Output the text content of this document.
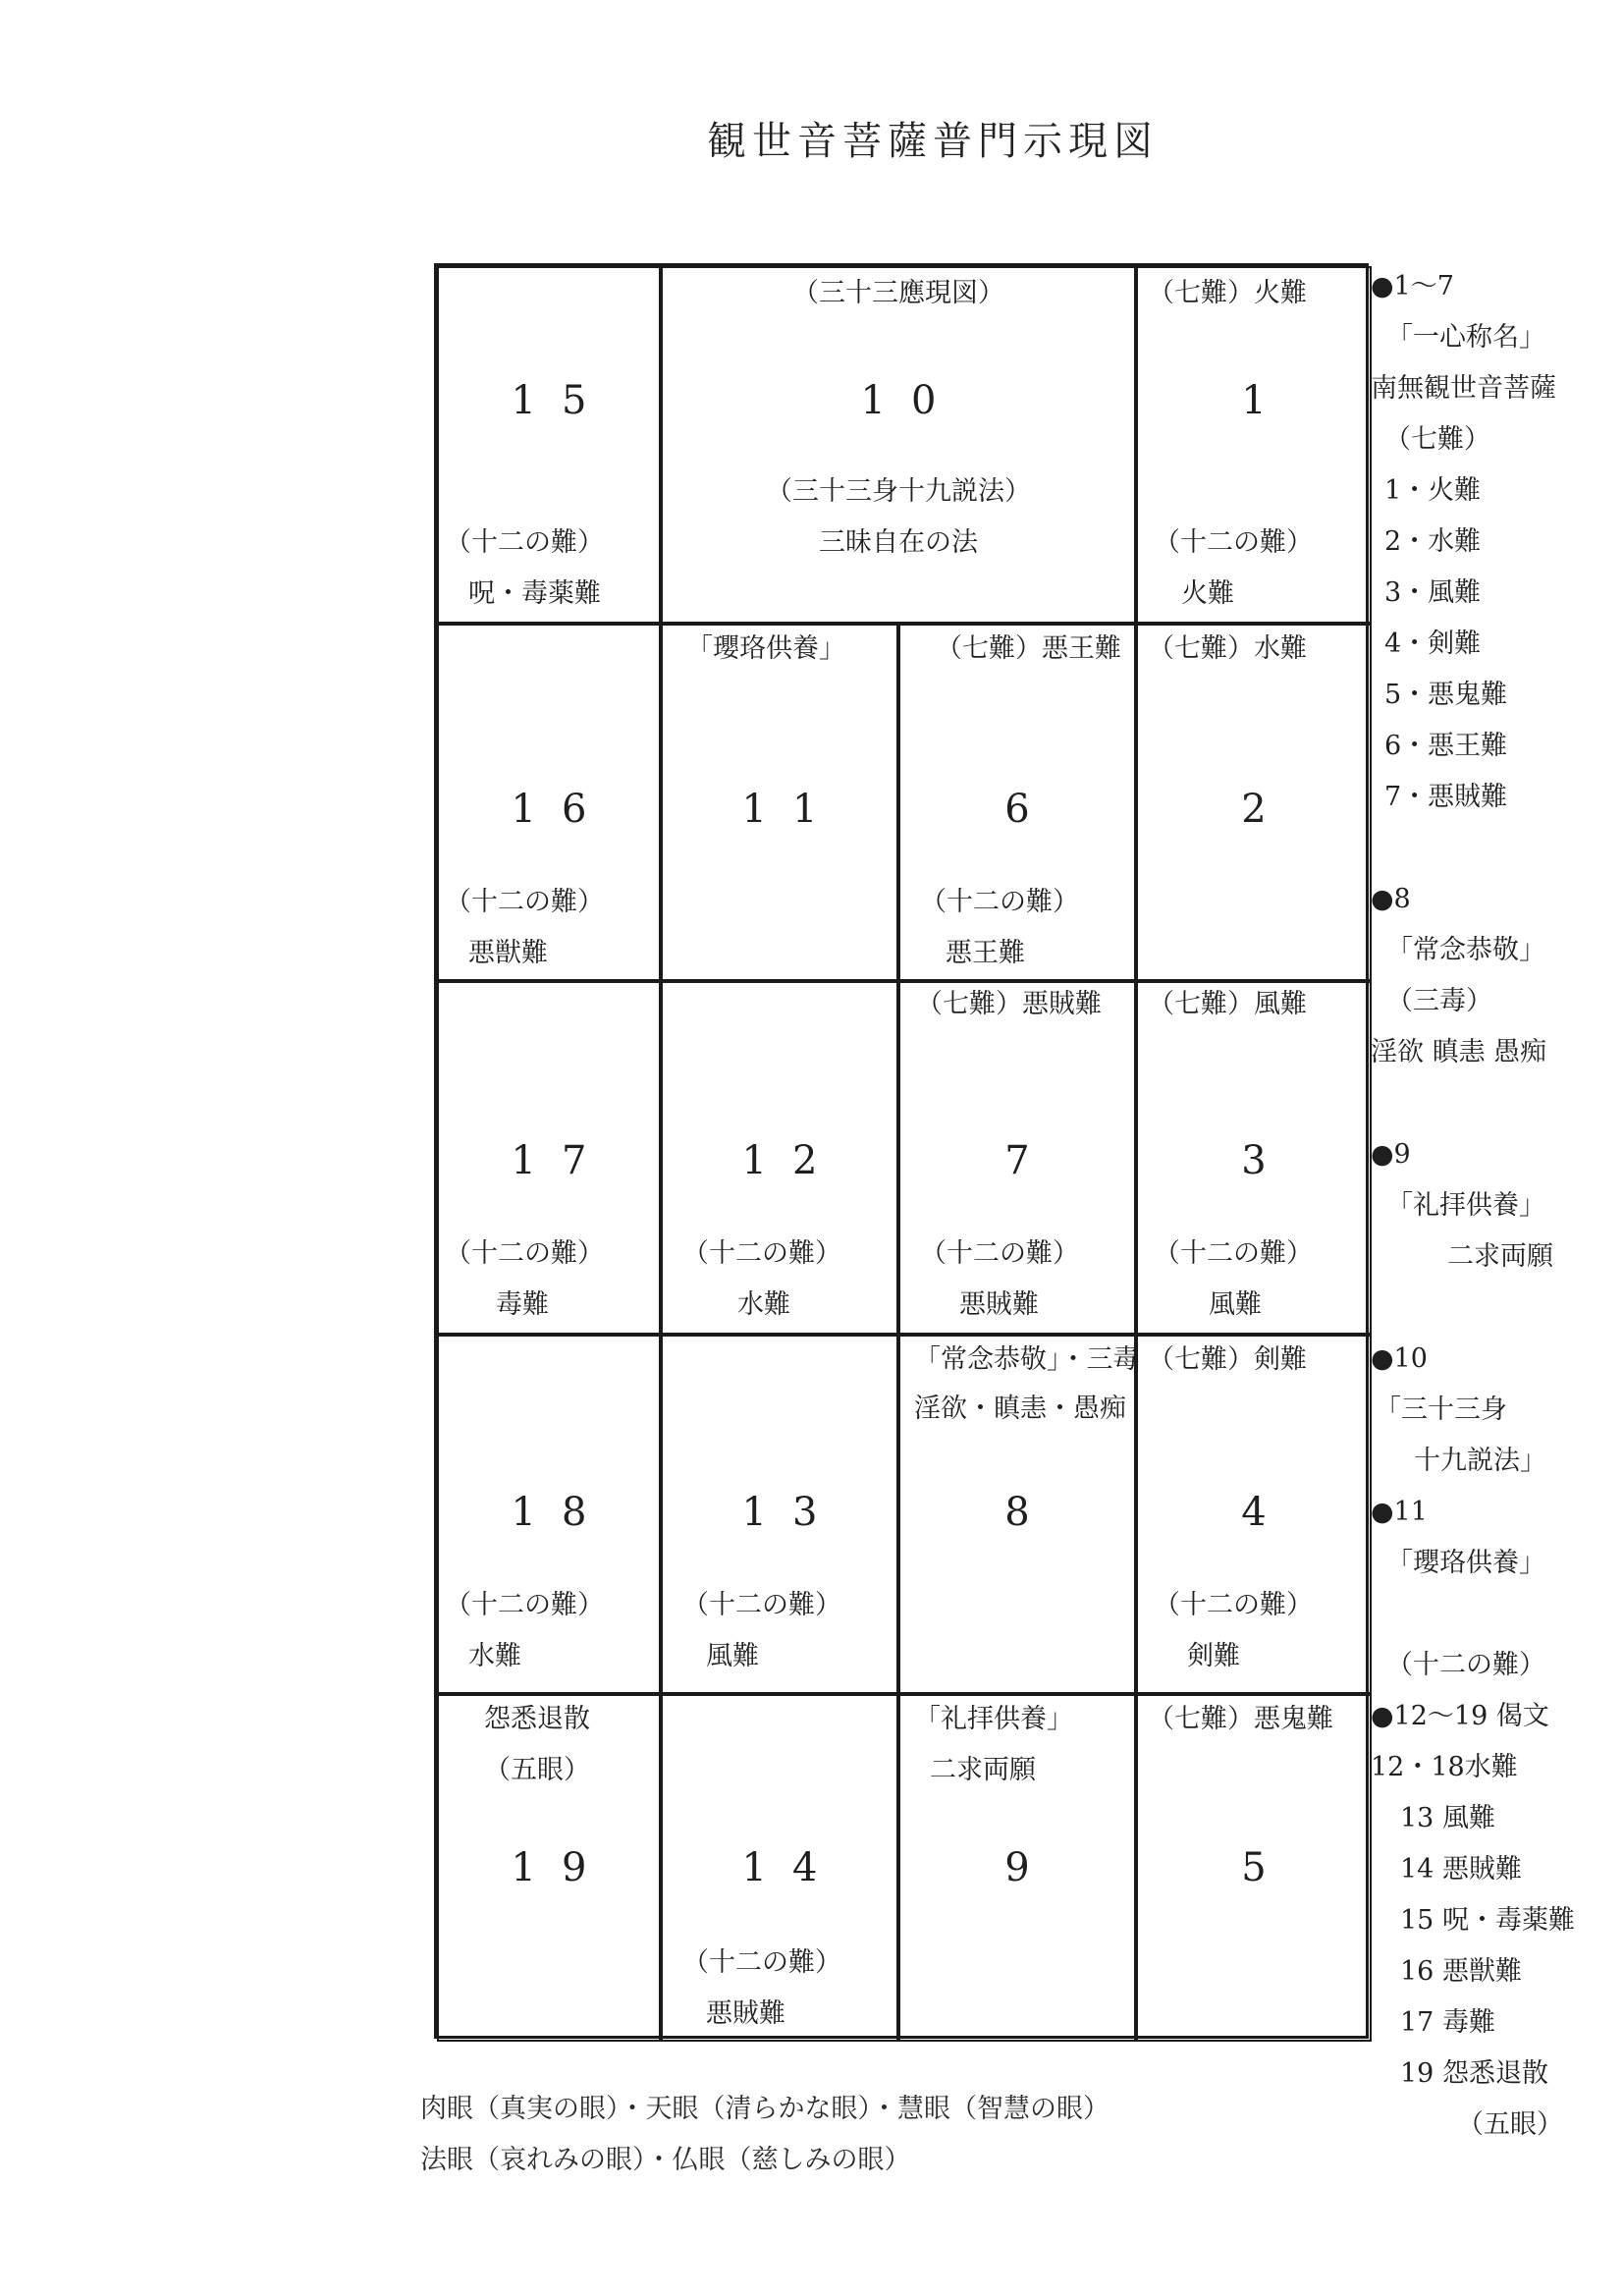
観世音菩薩普門示現図
15
（十二の難）
呪・毒薬難
（三十三應現図）
10
（三十三身十九説法）
三昧自在の法
（七難）火難
1
（十二の難）
火難
16
（十二の難）
悪獣難
「瓔珞供養」
11
（七難）悪王難
6
（十二の難）
悪王難
（七難）水難
2
17
（十二の難）
毒難
12
（十二の難）
水難
（七難）悪賊難
7
（十二の難）
悪賊難
（七難）風難
3
（十二の難）
風難
18
（十二の難）
水難
13
（十二の難）
風難
「常念恭敬」・三毒
淫欲・瞋恚・愚痴
8
（七難）剣難
4
（十二の難）
剣難
怨悉退散
（五眼）
19	14
（十二の難）
悪賊難
「礼拝供養」
二求両願
9
（七難）悪鬼難
5
●1～7
「一心称名」
南無観世音菩薩
（七難）
1・火難
2・水難
3・風難
4・剣難
5・悪鬼難
6・悪王難
7・悪賊難
●8
「常念恭敬」
（三毒）
淫欲 瞋恚 愚痴
●9
「礼拝供養」
二求両願
●10
「三十三身
十九説法」
●11
「瓔珞供養」
（十二の難）
●12～19 偈文
12・18水難
13 風難
14 悪賊難
15 呪・毒薬難
16 悪獣難
17 毒難
19 怨悉退散
（五眼）
肉眼（真実の眼）・天眼（清らかな眼）・慧眼（智慧の眼）
法眼（哀れみの眼）・仏眼（慈しみの眼）
